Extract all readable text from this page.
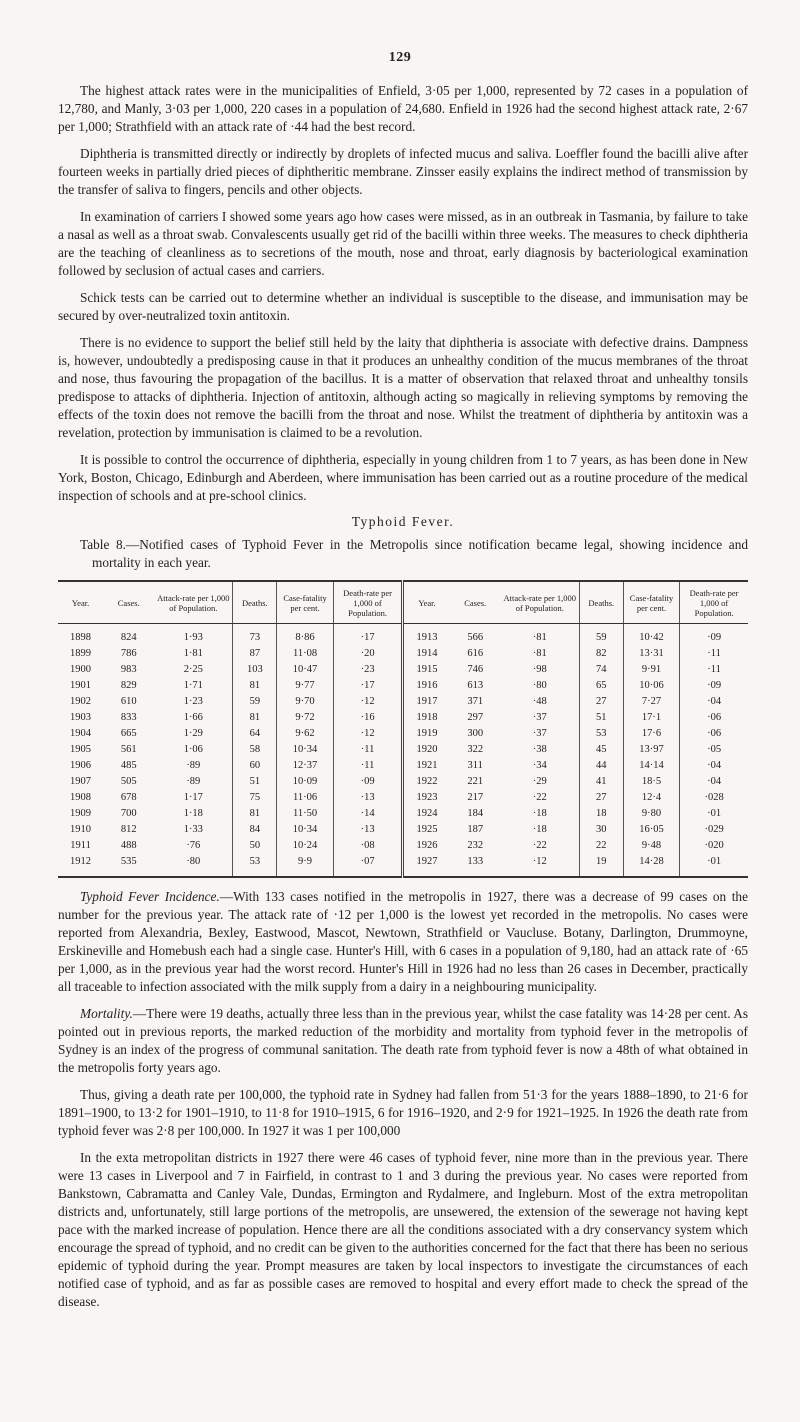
129

The highest attack rates were in the municipalities of Enfield, 3·05 per 1,000, represented by 72 cases in a population of 12,780, and Manly, 3·03 per 1,000, 220 cases in a population of 24,680. Enfield in 1926 had the second highest attack rate, 2·67 per 1,000; Strathfield with an attack rate of ·44 had the best record.

Diphtheria is transmitted directly or indirectly by droplets of infected mucus and saliva. Loeffler found the bacilli alive after fourteen weeks in partially dried pieces of diphtheritic membrane. Zinsser easily explains the indirect method of transmission by the transfer of saliva to fingers, pencils and other objects.

In examination of carriers I showed some years ago how cases were missed, as in an outbreak in Tasmania, by failure to take a nasal as well as a throat swab. Convalescents usually get rid of the bacilli within three weeks. The measures to check diphtheria are the teaching of cleanliness as to secretions of the mouth, nose and throat, early diagnosis by bacteriological examination followed by seclusion of actual cases and carriers.

Schick tests can be carried out to determine whether an individual is susceptible to the disease, and immunisation may be secured by over-neutralized toxin antitoxin.

There is no evidence to support the belief still held by the laity that diphtheria is associate with defective drains. Dampness is, however, undoubtedly a predisposing cause in that it produces an unhealthy condition of the mucus membranes of the throat and nose, thus favouring the propagation of the bacillus. It is a matter of observation that relaxed throat and unhealthy tonsils predispose to attacks of diphtheria. Injection of antitoxin, although acting so magically in relieving symptoms by removing the effects of the toxin does not remove the bacilli from the throat and nose. Whilst the treatment of diphtheria by antitoxin was a revelation, protection by immunisation is claimed to be a revolution.

It is possible to control the occurrence of diphtheria, especially in young children from 1 to 7 years, as has been done in New York, Boston, Chicago, Edinburgh and Aberdeen, where immunisation has been carried out as a routine procedure of the medical inspection of schools and at pre-school clinics.

Typhoid Fever.
Table 8.—Notified cases of Typhoid Fever in the Metropolis since notification became legal, showing incidence and mortality in each year.
Year.	Cases.	Attack-rate per 1,000 of Population.	Deaths.	Case-fatality per cent.	Death-rate per 1,000 of Population.	Year.	Cases.	Attack-rate per 1,000 of Population.	Deaths.	Case-fatality per cent.	Death-rate per 1,000 of Population.
1898	824	1·93	73	8·86	·17	1913	566	·81	59	10·42	·09
1899	786	1·81	87	11·08	·20	1914	616	·81	82	13·31	·11
1900	983	2·25	103	10·47	·23	1915	746	·98	74	9·91	·11
1901	829	1·71	81	9·77	·17	1916	613	·80	65	10·06	·09
1902	610	1·23	59	9·70	·12	1917	371	·48	27	7·27	·04
1903	833	1·66	81	9·72	·16	1918	297	·37	51	17·1	·06
1904	665	1·29	64	9·62	·12	1919	300	·37	53	17·6	·06
1905	561	1·06	58	10·34	·11	1920	322	·38	45	13·97	·05
1906	485	·89	60	12·37	·11	1921	311	·34	44	14·14	·04
1907	505	·89	51	10·09	·09	1922	221	·29	41	18·5	·04
1908	678	1·17	75	11·06	·13	1923	217	·22	27	12·4	·028
1909	700	1·18	81	11·50	·14	1924	184	·18	18	9·80	·01
1910	812	1·33	84	10·34	·13	1925	187	·18	30	16·05	·029
1911	488	·76	50	10·24	·08	1926	232	·22	22	9·48	·020
1912	535	·80	53	9·9	·07	1927	133	·12	19	14·28	·01

Typhoid Fever Incidence.—With 133 cases notified in the metropolis in 1927, there was a decrease of 99 cases on the number for the previous year. The attack rate of ·12 per 1,000 is the lowest yet recorded in the metropolis. No cases were reported from Alexandria, Bexley, Eastwood, Mascot, Newtown, Strathfield or Vaucluse. Botany, Darlington, Drummoyne, Erskineville and Homebush each had a single case. Hunter's Hill, with 6 cases in a population of 9,180, had an attack rate of ·65 per 1,000, as in the previous year had the worst record. Hunter's Hill in 1926 had no less than 26 cases in December, practically all traceable to infection associated with the milk supply from a dairy in a neighbouring municipality.

Mortality.—There were 19 deaths, actually three less than in the previous year, whilst the case fatality was 14·28 per cent. As pointed out in previous reports, the marked reduction of the morbidity and mortality from typhoid fever in the metropolis of Sydney is an index of the progress of communal sanitation. The death rate from typhoid fever is now a 48th of what obtained in the metropolis forty years ago.

Thus, giving a death rate per 100,000, the typhoid rate in Sydney had fallen from 51·3 for the years 1888–1890, to 21·6 for 1891–1900, to 13·2 for 1901–1910, to 11·8 for 1910–1915, 6 for 1916–1920, and 2·9 for 1921–1925. In 1926 the death rate from typhoid fever was 2·8 per 100,000. In 1927 it was 1 per 100,000

In the exta metropolitan districts in 1927 there were 46 cases of typhoid fever, nine more than in the previous year. There were 13 cases in Liverpool and 7 in Fairfield, in contrast to 1 and 3 during the previous year. No cases were reported from Bankstown, Cabramatta and Canley Vale, Dundas, Ermington and Rydalmere, and Ingleburn. Most of the extra metropolitan districts and, unfortunately, still large portions of the metropolis, are unsewered, the extension of the sewerage not having kept pace with the marked increase of population. Hence there are all the conditions associated with a dry conservancy system which encourage the spread of typhoid, and no credit can be given to the authorities concerned for the fact that there has been no serious epidemic of typhoid during the year. Prompt measures are taken by local inspectors to investigate the circumstances of each notified case of typhoid, and as far as possible cases are removed to hospital and every effort made to check the spread of the disease.
